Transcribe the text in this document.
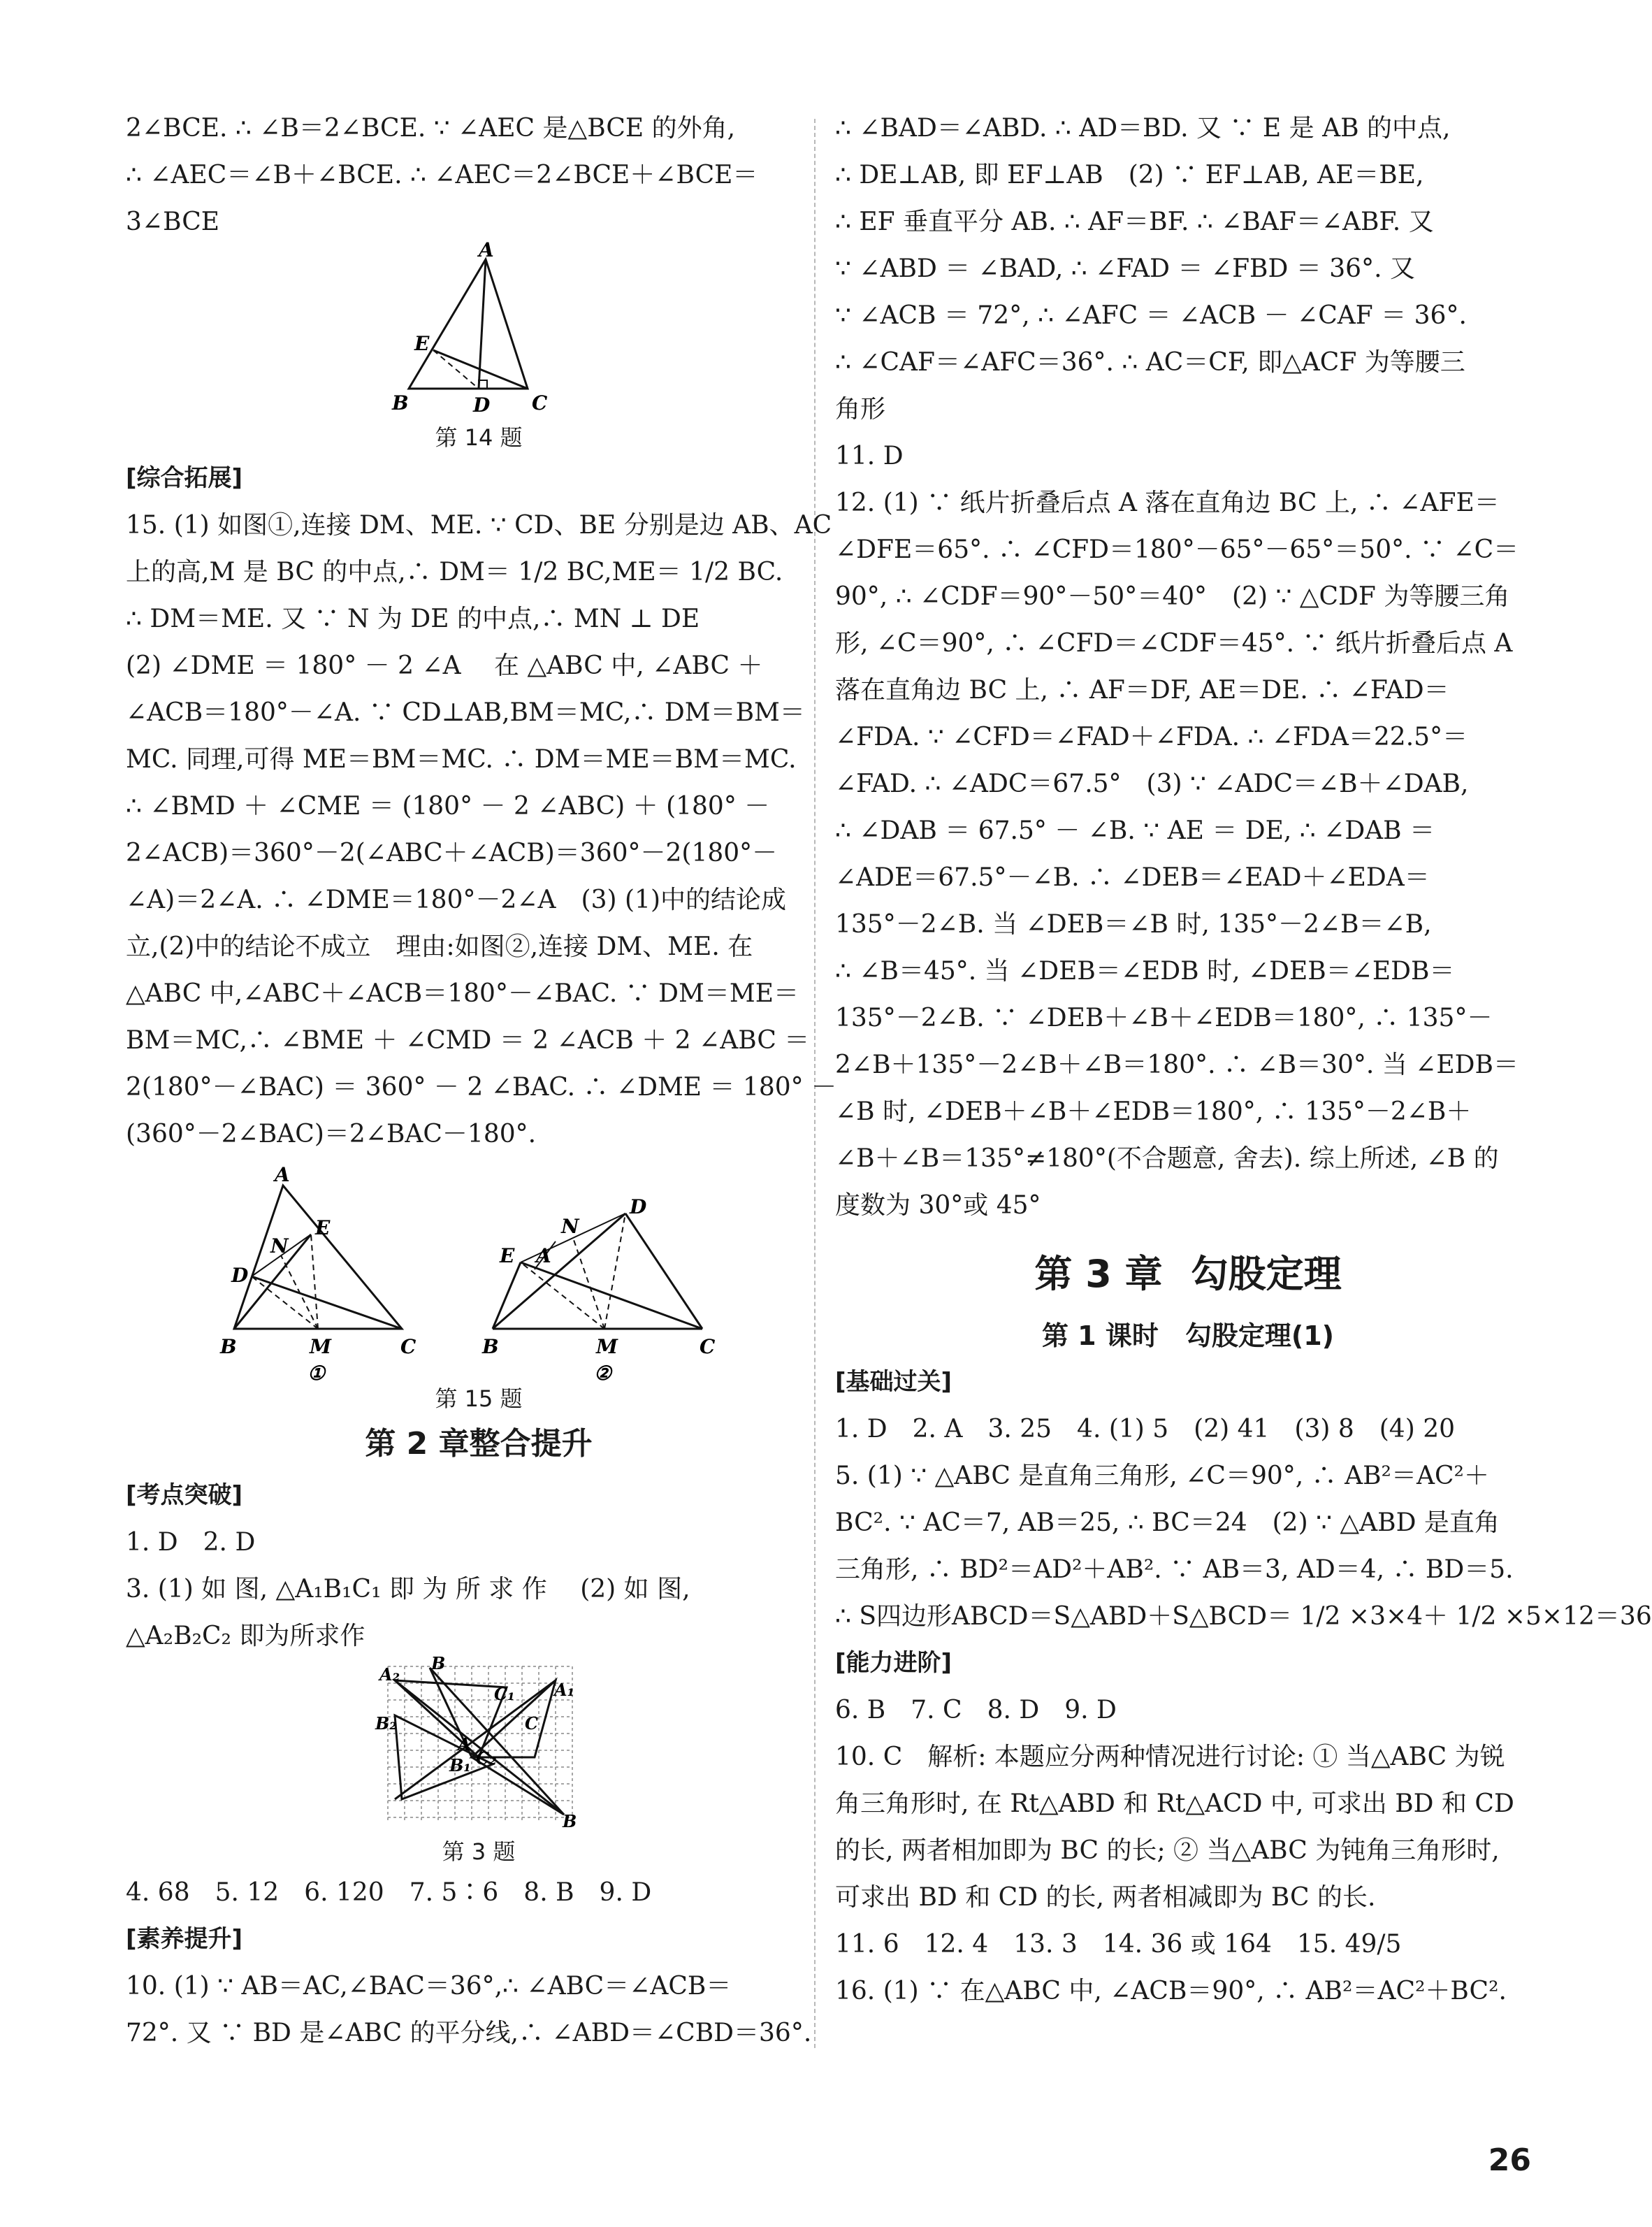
2∠BCE. ∴ ∠B＝2∠BCE. ∵ ∠AEC 是△BCE 的外角,
∴ ∠AEC＝∠B＋∠BCE. ∴ ∠AEC＝2∠BCE＋∠BCE＝
3∠BCE
A
E
B	D C
第 14 题
[综合拓展]
15. (1) 如图①,连接 DM、ME. ∵ CD、BE 分别是边 AB、AC
上的高,M 是 BC 的中点,∴ DM＝ 1/2 BC,ME＝ 1/2 BC.
∴ DM＝ME. 又 ∵ N 为 DE 的中点,∴ MN ⊥ DE
(2) ∠DME ＝ 180° － 2 ∠A　 在 △ABC 中, ∠ABC ＋
∠ACB＝180°－∠A. ∵ CD⊥AB,BM＝MC,∴ DM＝BM＝
MC. 同理,可得 ME＝BM＝MC. ∴ DM＝ME＝BM＝MC.
∴ ∠BMD ＋ ∠CME ＝ (180° － 2 ∠ABC) ＋ (180° －
2∠ACB)＝360°－2(∠ABC＋∠ACB)＝360°－2(180°－
∠A)＝2∠A. ∴ ∠DME＝180°－2∠A　(3) (1)中的结论成
立,(2)中的结论不成立　理由:如图②,连接 DM、ME. 在
△ABC 中,∠ABC＋∠ACB＝180°－∠BAC. ∵ DM＝ME＝
BM＝MC,∴ ∠BME ＋ ∠CMD ＝ 2 ∠ACB ＋ 2 ∠ABC ＝
2(180°－∠BAC) ＝ 360° － 2 ∠BAC. ∴ ∠DME ＝ 180° －
(360°－2∠BAC)＝2∠BAC－180°.
A
E
N
D
B	M	C
①
D
N
E A
B	M	C
②
第 15 题
第 2 章整合提升
[考点突破]
1. D　2. D
3. (1) 如 图, △A₁B₁C₁ 即 为 所 求 作　 (2) 如 图,
△A₂B₂C₂ 即为所求作
B
A₂
C₁ A₁
B₂	C
A
C₂
B₁
B
第 3 题
4. 68　5. 12　6. 120　7. 5∶6　8. B　9. D
[素养提升]
10. (1) ∵ AB＝AC,∠BAC＝36°,∴ ∠ABC＝∠ACB＝
72°. 又 ∵ BD 是∠ABC 的平分线,∴ ∠ABD＝∠CBD＝36°.
∴ ∠BAD＝∠ABD. ∴ AD＝BD. 又 ∵ E 是 AB 的中点,
∴ DE⊥AB, 即 EF⊥AB　(2) ∵ EF⊥AB, AE＝BE,
∴ EF 垂直平分 AB. ∴ AF＝BF. ∴ ∠BAF＝∠ABF. 又
∵ ∠ABD ＝ ∠BAD, ∴ ∠FAD ＝ ∠FBD ＝ 36°. 又
∵ ∠ACB ＝ 72°, ∴ ∠AFC ＝ ∠ACB － ∠CAF ＝ 36°.
∴ ∠CAF＝∠AFC＝36°. ∴ AC＝CF, 即△ACF 为等腰三
角形
11. D
12. (1) ∵ 纸片折叠后点 A 落在直角边 BC 上, ∴ ∠AFE＝
∠DFE＝65°. ∴ ∠CFD＝180°－65°－65°＝50°. ∵ ∠C＝
90°, ∴ ∠CDF＝90°－50°＝40°　(2) ∵ △CDF 为等腰三角
形, ∠C＝90°, ∴ ∠CFD＝∠CDF＝45°. ∵ 纸片折叠后点 A
落在直角边 BC 上, ∴ AF＝DF, AE＝DE. ∴ ∠FAD＝
∠FDA. ∵ ∠CFD＝∠FAD＋∠FDA. ∴ ∠FDA＝22.5°＝
∠FAD. ∴ ∠ADC＝67.5°　(3) ∵ ∠ADC＝∠B＋∠DAB,
∴ ∠DAB ＝ 67.5° － ∠B. ∵ AE ＝ DE, ∴ ∠DAB ＝
∠ADE＝67.5°－∠B. ∴ ∠DEB＝∠EAD＋∠EDA＝
135°－2∠B. 当 ∠DEB＝∠B 时, 135°－2∠B＝∠B,
∴ ∠B＝45°. 当 ∠DEB＝∠EDB 时, ∠DEB＝∠EDB＝
135°－2∠B. ∵ ∠DEB＋∠B＋∠EDB＝180°, ∴ 135°－
2∠B＋135°－2∠B＋∠B＝180°. ∴ ∠B＝30°. 当 ∠EDB＝
∠B 时, ∠DEB＋∠B＋∠EDB＝180°, ∴ 135°－2∠B＋
∠B＋∠B＝135°≠180°(不合题意, 舍去). 综上所述, ∠B 的
度数为 30°或 45°
第 3 章 勾股定理
第 1 课时　勾股定理(1)
[基础过关]
1. D　2. A　3. 25　4. (1) 5　(2) 41　(3) 8　(4) 20
5. (1) ∵ △ABC 是直角三角形, ∠C＝90°, ∴ AB²＝AC²＋
BC². ∵ AC＝7, AB＝25, ∴ BC＝24　(2) ∵ △ABD 是直角
三角形, ∴ BD²＝AD²＋AB². ∵ AB＝3, AD＝4, ∴ BD＝5.
∴ S四边形ABCD＝S△ABD＋S△BCD＝ 1/2 ×3×4＋ 1/2 ×5×12＝36
[能力进阶]
6. B　7. C　8. D　9. D
10. C　解析: 本题应分两种情况进行讨论: ① 当△ABC 为锐
角三角形时, 在 Rt△ABD 和 Rt△ACD 中, 可求出 BD 和 CD
的长, 两者相加即为 BC 的长; ② 当△ABC 为钝角三角形时,
可求出 BD 和 CD 的长, 两者相减即为 BC 的长.
11. 6　12. 4　13. 3　14. 36 或 164　15. 49/5
16. (1) ∵ 在△ABC 中, ∠ACB＝90°, ∴ AB²＝AC²＋BC².
26
